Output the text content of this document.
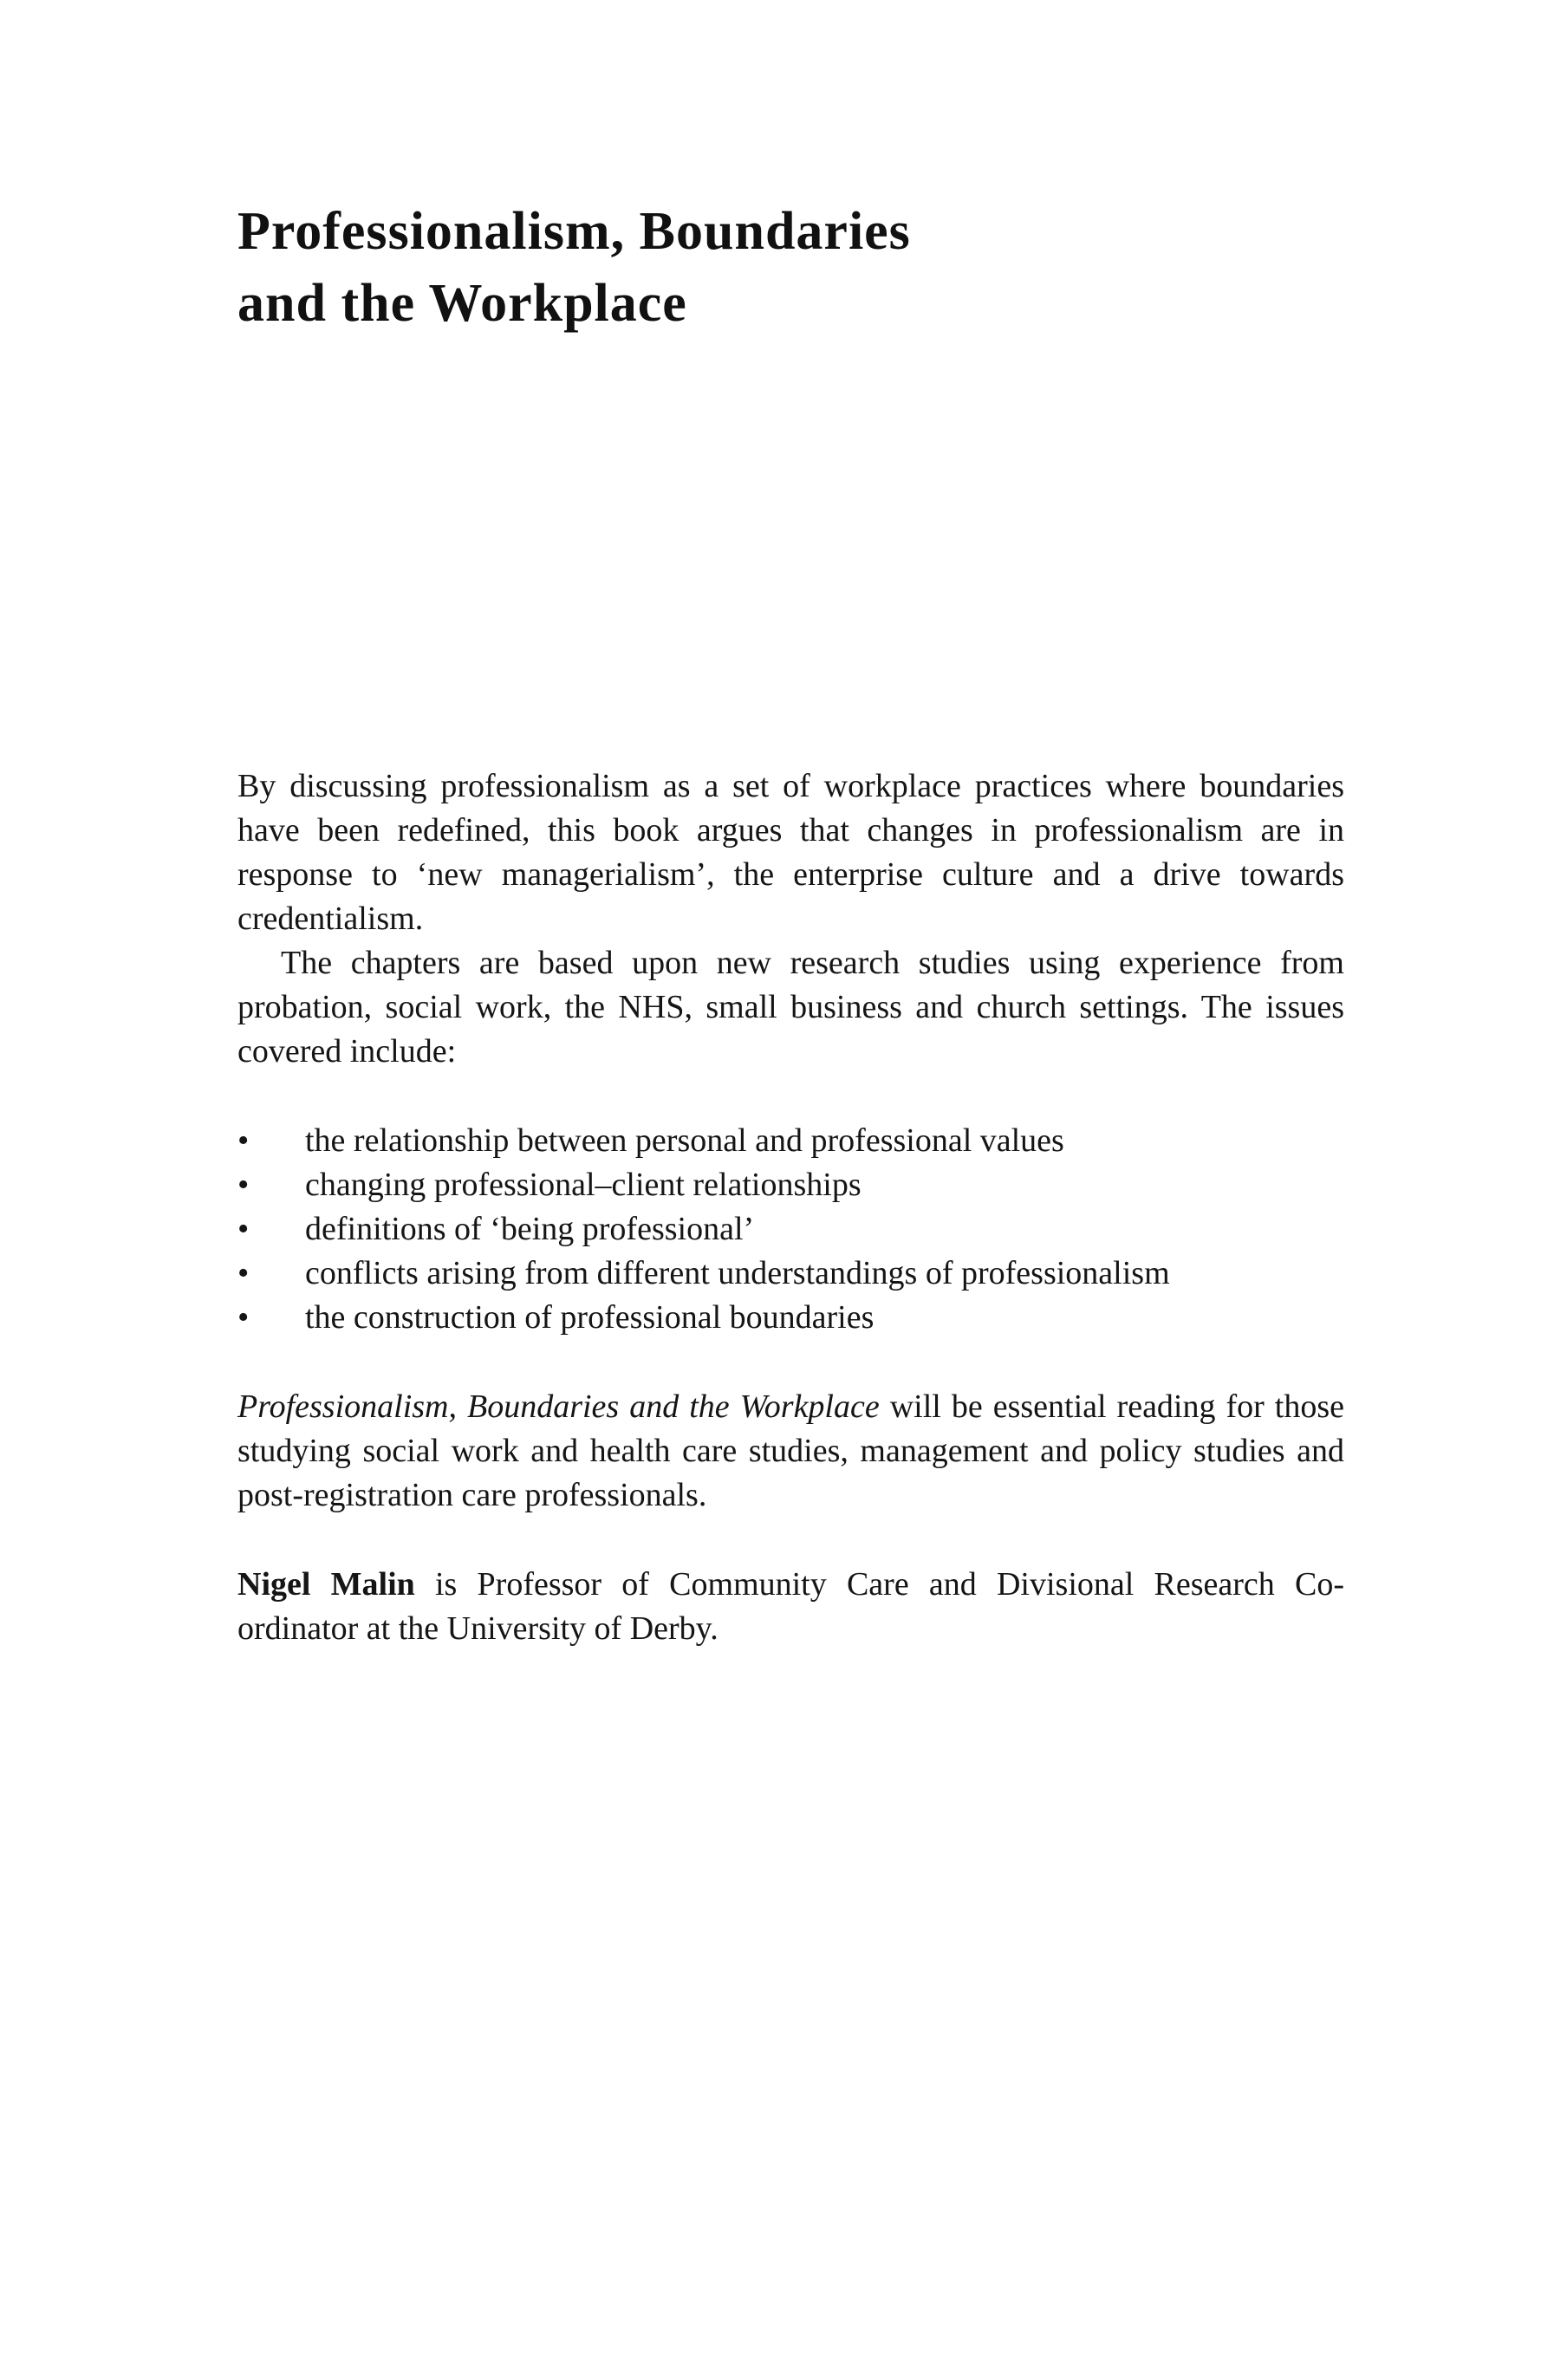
Professionalism, Boundaries
and the Workplace

By discussing professionalism as a set of workplace practices where boundaries have been redefined, this book argues that changes in professionalism are in response to ‘new managerialism’, the enterprise culture and a drive towards credentialism.

The chapters are based upon new research studies using experience from probation, social work, the NHS, small business and church settings. The issues covered include:

• the relationship between personal and professional values
• changing professional–client relationships
• definitions of ‘being professional’
• conflicts arising from different understandings of professionalism
• the construction of professional boundaries

Professionalism, Boundaries and the Workplace will be essential reading for those studying social work and health care studies, management and policy studies and post-registration care professionals.

Nigel Malin is Professor of Community Care and Divisional Research Co-ordinator at the University of Derby.
